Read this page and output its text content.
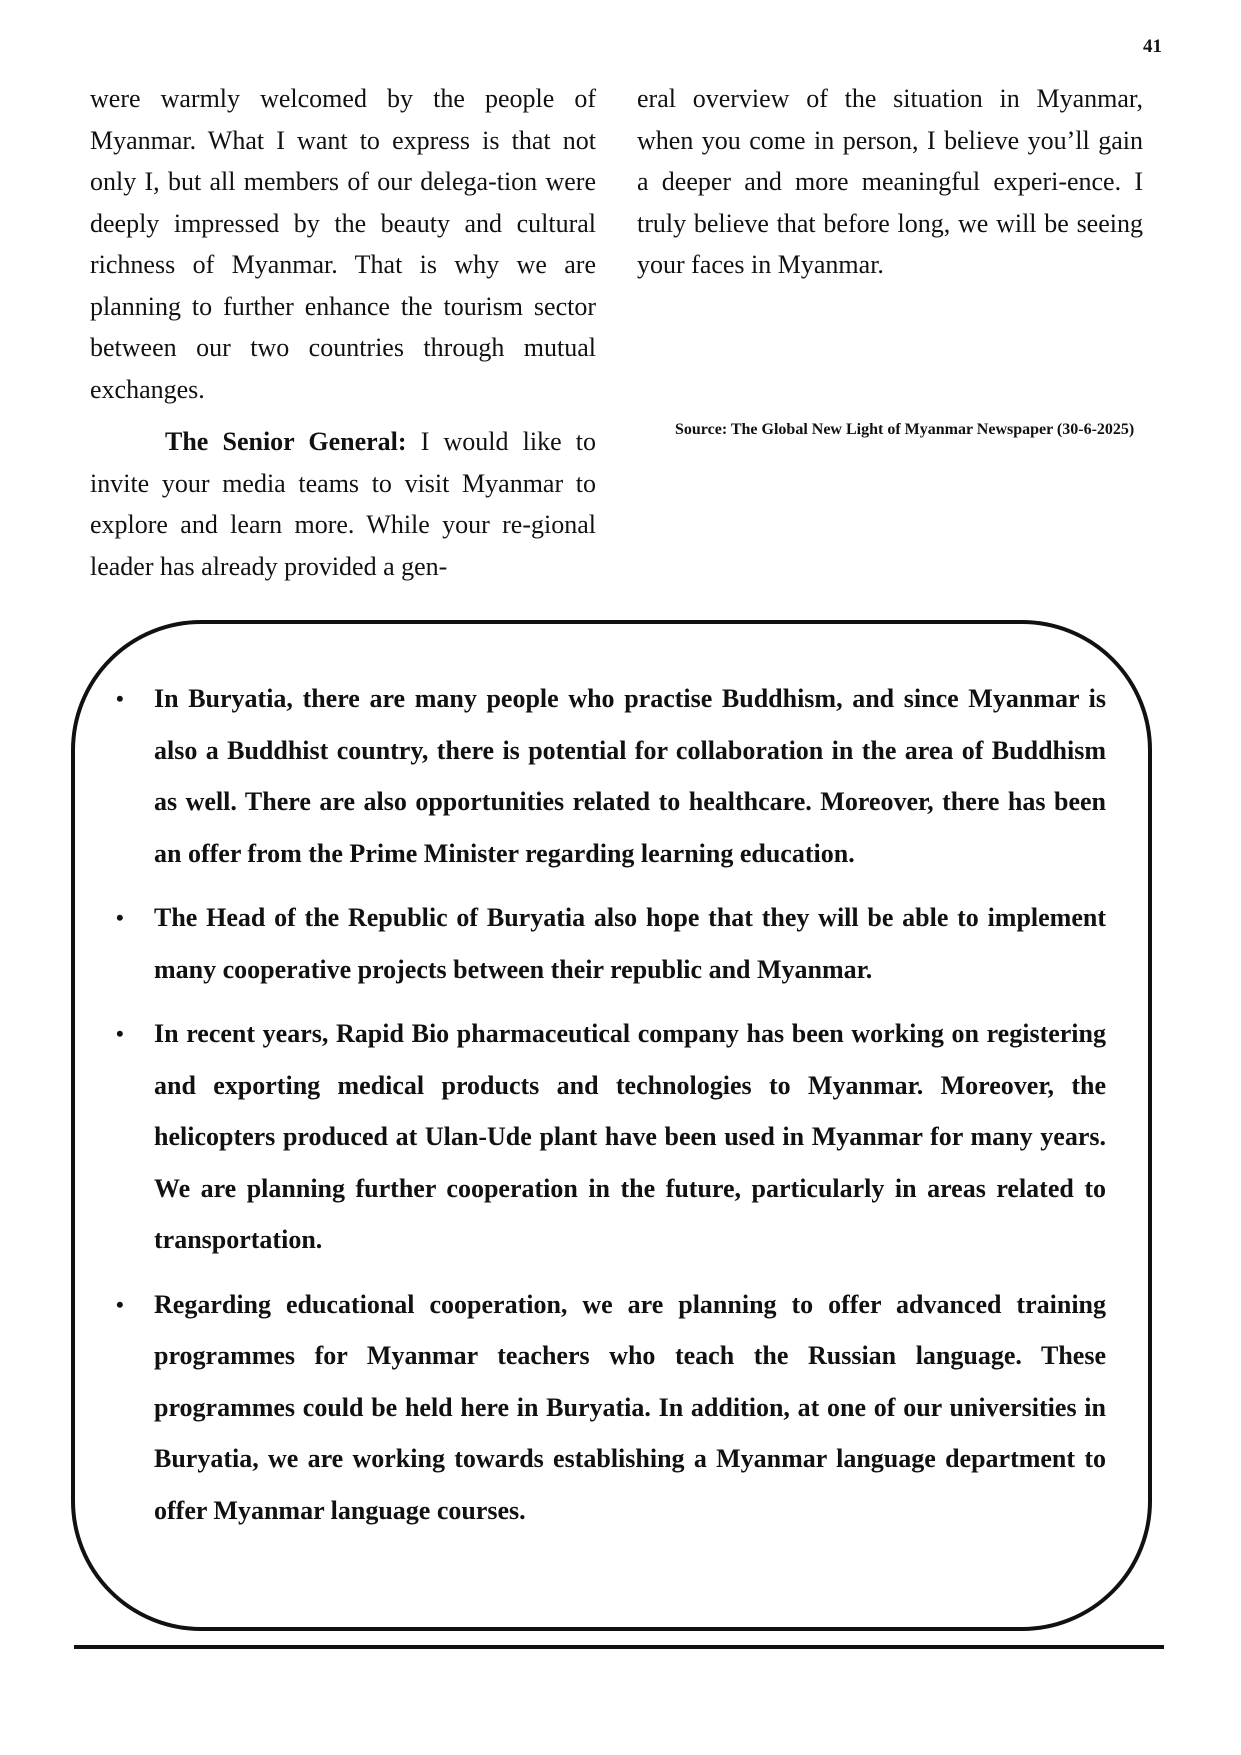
41

were warmly welcomed by the people of Myanmar. What I want to express is that not only I, but all members of our delega-tion were deeply impressed by the beauty and cultural richness of Myanmar. That is why we are planning to further enhance the tourism sector between our two countries through mutual exchanges.

The Senior General: I would like to invite your media teams to visit Myanmar to explore and learn more. While your re-gional leader has already provided a gen-

eral overview of the situation in Myanmar, when you come in person, I believe you’ll gain a deeper and more meaningful experi-ence. I truly believe that before long, we will be seeing your faces in Myanmar.

Source: The Global New Light of Myanmar Newspaper (30-6-2025)

• In Buryatia, there are many people who practise Buddhism, and since Myanmar is also a Buddhist country, there is potential for collaboration in the area of Buddhism as well. There are also opportunities related to healthcare. Moreover, there has been an offer from the Prime Minister regarding learning education.
• The Head of the Republic of Buryatia also hope that they will be able to implement many cooperative projects between their republic and Myanmar.
• In recent years, Rapid Bio pharmaceutical company has been working on registering and exporting medical products and technologies to Myanmar. Moreover, the helicopters produced at Ulan-Ude plant have been used in Myanmar for many years. We are planning further cooperation in the future, particularly in areas related to transportation.
• Regarding educational cooperation, we are planning to offer advanced training programmes for Myanmar teachers who teach the Russian language. These programmes could be held here in Buryatia. In addition, at one of our universities in Buryatia, we are working towards establishing a Myanmar language department to offer Myanmar language courses.
